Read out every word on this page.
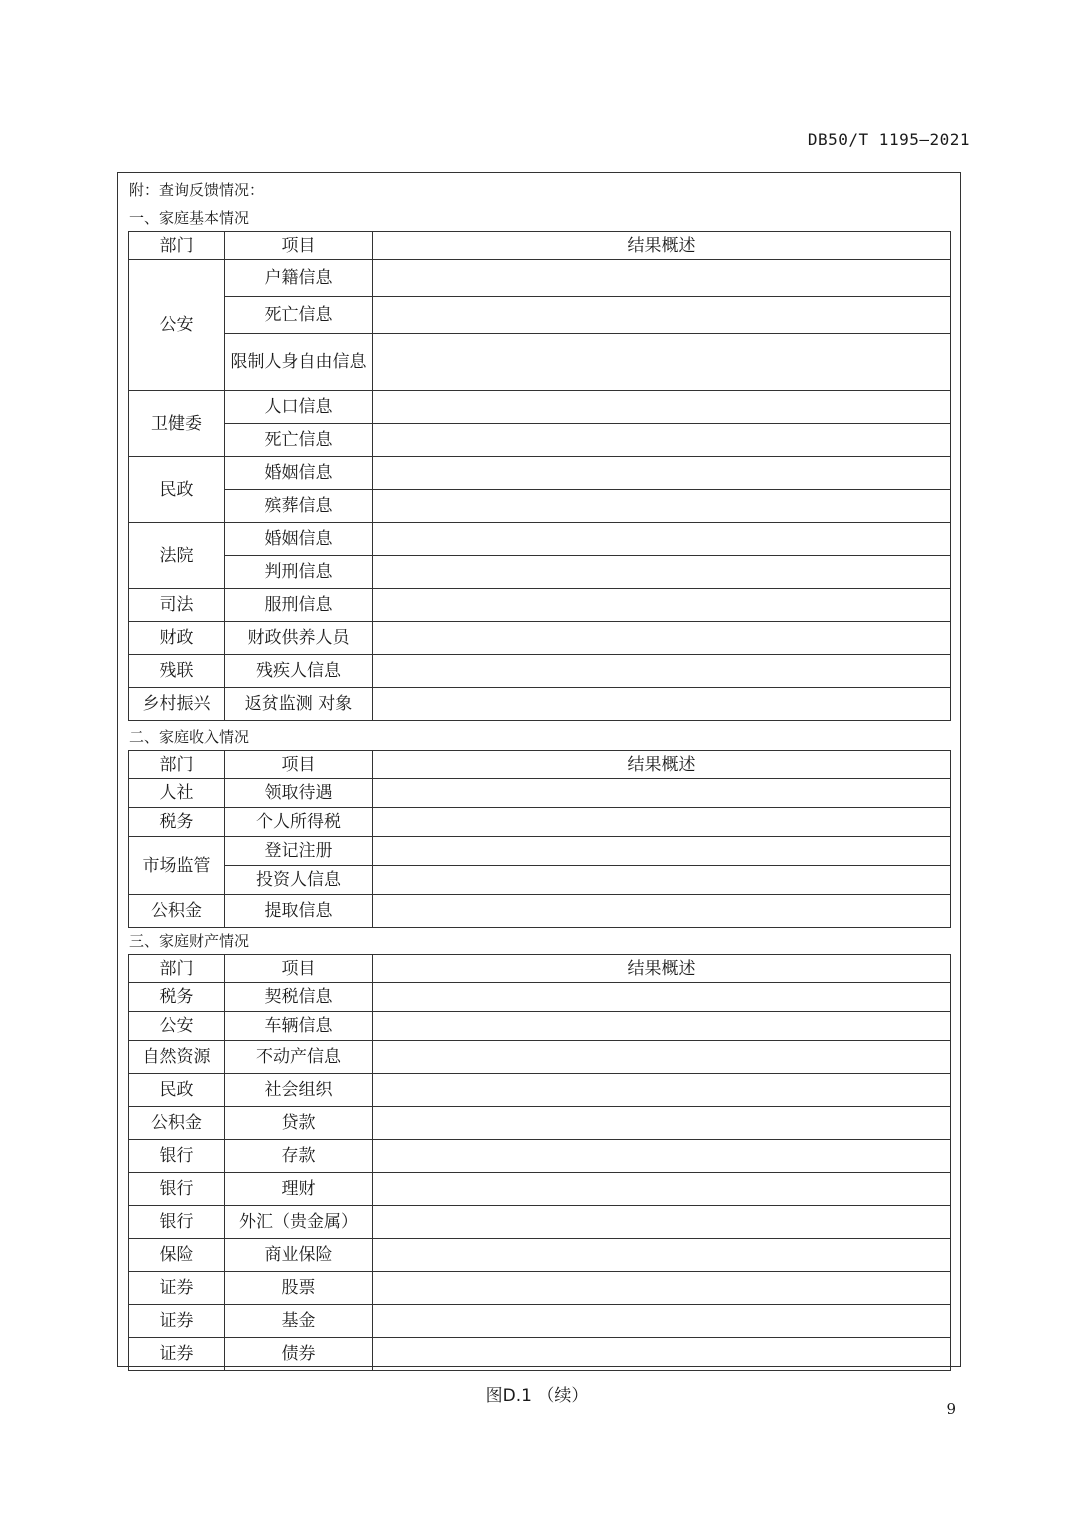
DB50/T 1195—2021
附：查询反馈情况：
一、家庭基本情况
部门	项目	结果概述
公安	户籍信息	
	死亡信息	
	限制人身自由信息	
卫健委	人口信息	
	死亡信息	
民政	婚姻信息	
	殡葬信息	
法院	婚姻信息	
	判刑信息	
司法	服刑信息	
财政	财政供养人员	
残联	残疾人信息	
乡村振兴	返贫监测 对象	
二、家庭收入情况
部门	项目	结果概述
人社	领取待遇	
税务	个人所得税	
市场监管	登记注册	
	投资人信息	
公积金	提取信息	
三、家庭财产情况
部门	项目	结果概述
税务	契税信息	
公安	车辆信息	
自然资源	不动产信息	
民政	社会组织	
公积金	贷款	
银行	存款	
银行	理财	
银行	外汇（贵金属）	
保险	商业保险	
证券	股票	
证券	基金	
证券	债券	
图D.1 （续）
9
